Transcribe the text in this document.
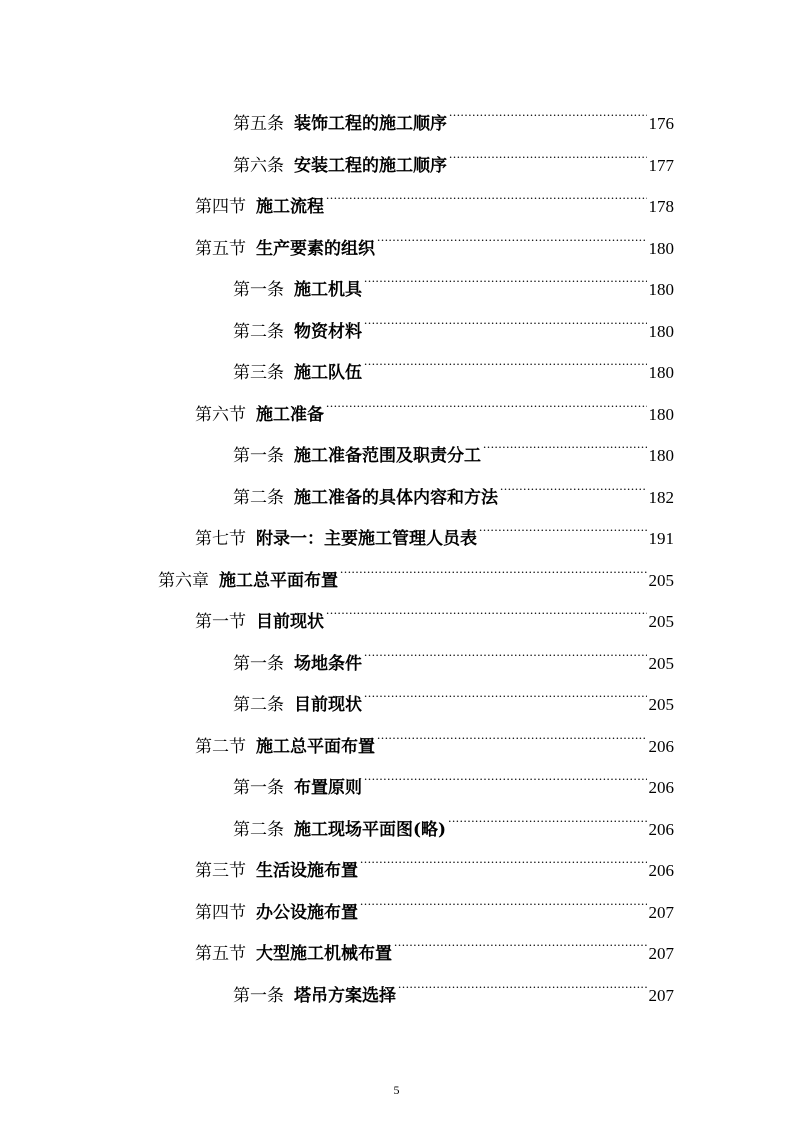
第五条 装饰工程的施工顺序 .....	176
第六条 安装工程的施工顺序 .....	177
第四节 施工流程 .....	178
第五节 生产要素的组织 .....	180
第一条 施工机具 .....	180
第二条 物资材料 .....	180
第三条 施工队伍 .....	180
第六节 施工准备 .....	180
第一条 施工准备范围及职责分工 .....	180
第二条 施工准备的具体内容和方法 .....	182
第七节 附录一：主要施工管理人员表 .....	191
第六章 施工总平面布置 .....	205
第一节 目前现状 .....	205
第一条 场地条件 .....	205
第二条 目前现状 .....	205
第二节 施工总平面布置 .....	206
第一条 布置原则 .....	206
第二条 施工现场平面图(略) .....	206
第三节 生活设施布置 .....	206
第四节 办公设施布置 .....	207
第五节 大型施工机械布置 .....	207
第一条 塔吊方案选择 .....	207
5
